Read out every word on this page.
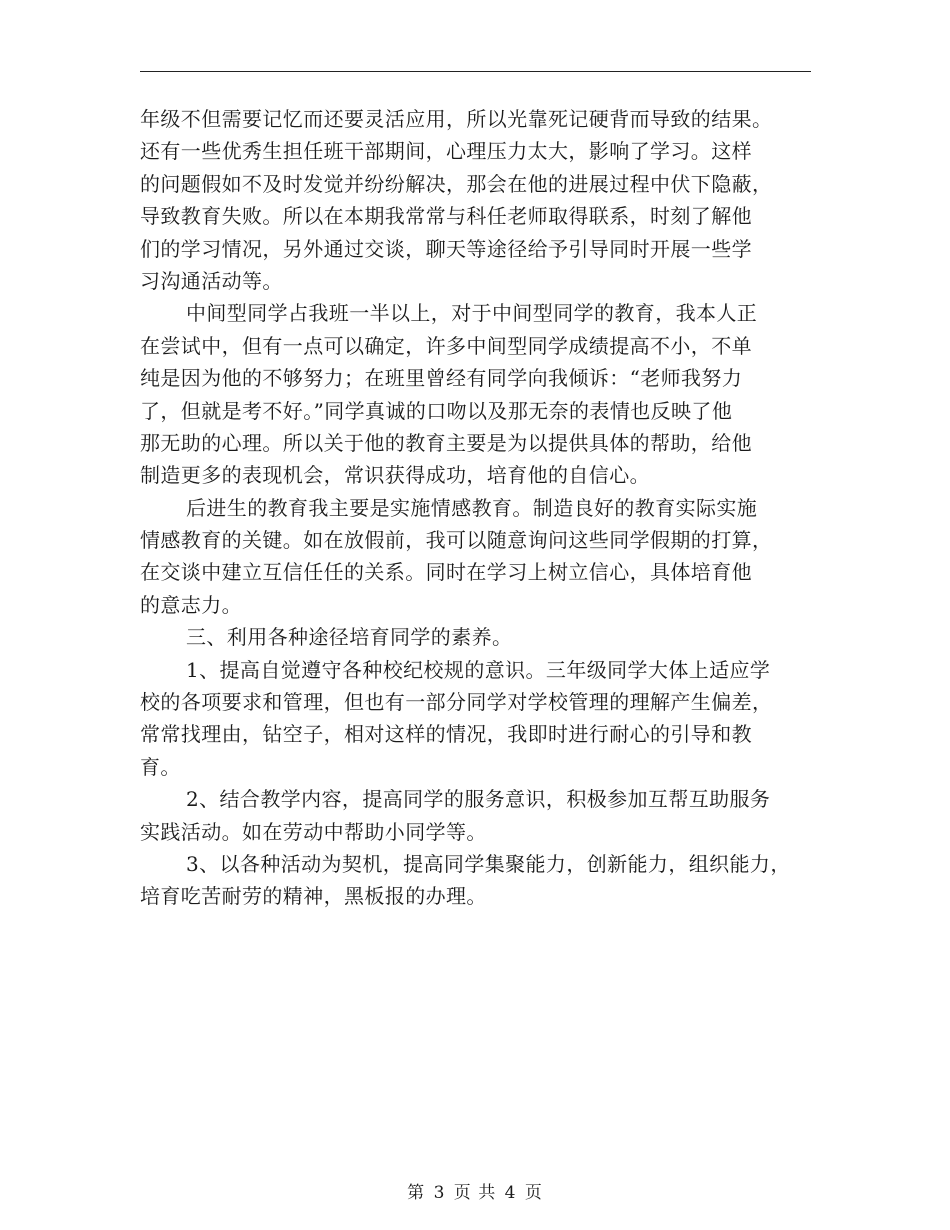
年级不但需要记忆而还要灵活应用，所以光靠死记硬背而导致的结果。
还有一些优秀生担任班干部期间，心理压力太大，影响了学习。这样
的问题假如不及时发觉并纷纷解决，那会在他的进展过程中伏下隐蔽，
导致教育失败。所以在本期我常常与科任老师取得联系，时刻了解他
们的学习情况，另外通过交谈，聊天等途径给予引导同时开展一些学
习沟通活动等。
中间型同学占我班一半以上，对于中间型同学的教育，我本人正
在尝试中，但有一点可以确定，许多中间型同学成绩提高不小，不单
纯是因为他的不够努力；在班里曾经有同学向我倾诉：“老师我努力
了，但就是考不好。”同学真诚的口吻以及那无奈的表情也反映了他
那无助的心理。所以关于他的教育主要是为以提供具体的帮助，给他
制造更多的表现机会，常识获得成功，培育他的自信心。
后进生的教育我主要是实施情感教育。制造良好的教育实际实施
情感教育的关键。如在放假前，我可以随意询问这些同学假期的打算，
在交谈中建立互信任任的关系。同时在学习上树立信心，具体培育他
的意志力。
三、利用各种途径培育同学的素养。
1、提高自觉遵守各种校纪校规的意识。三年级同学大体上适应学
校的各项要求和管理，但也有一部分同学对学校管理的理解产生偏差，
常常找理由，钻空子，相对这样的情况，我即时进行耐心的引导和教
育。
2、结合教学内容，提高同学的服务意识，积极参加互帮互助服务
实践活动。如在劳动中帮助小同学等。
3、以各种活动为契机，提高同学集聚能力，创新能力，组织能力，
培育吃苦耐劳的精神，黑板报的办理。
第 3 页 共 4 页
